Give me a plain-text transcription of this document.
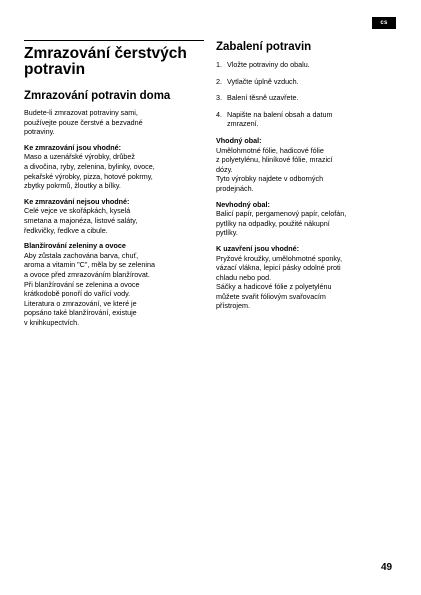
cs
Zmrazování čerstvých
potravin
Zmrazování potravin doma
Budete-li zmrazovat potraviny sami,
používejte pouze čerstvé a bezvadné
potraviny.
Ke zmrazování jsou vhodné:
Maso a uzenářské výrobky, drůbež
a divočina, ryby, zelenina, bylinky, ovoce,
pekařské výrobky, pizza, hotové pokrmy,
zbytky pokrmů, žloutky a bílky.
Ke zmrazování nejsou vhodné:
Celé vejce ve skořápkách, kyselá
smetana a majonéza, listové saláty,
ředkvičky, ředkve a cibule.
Blanžírování zeleniny a ovoce
Aby zůstala zachována barva, chuť,
aroma a vitamin "C", měla by se zelenina
a ovoce před zmrazováním blanžírovat.
Při blanžírování se zelenina a ovoce
krátkodobě ponoří do vařící vody.
Literatura o zmrazování, ve které je
popsáno také blanžírování, existuje
v knihkupectvích.
Zabalení potravin
1. Vložte potraviny do obalu.
2. Vytlačte úplně vzduch.
3. Balení těsně uzavřete.
4. Napište na balení obsah a datum
zmrazení.
Vhodný obal:
Umělohmotné fólie, hadicové fólie
z polyetylénu, hliníkové fólie, mrazicí
dózy.
Tyto výrobky najdete v odborných
prodejnách.
Nevhodný obal:
Balicí papír, pergamenový papír, celofán,
pytlíky na odpadky, použité nákupní
pytlíky.
K uzavření jsou vhodné:
Pryžové kroužky, umělohmotné sponky,
vázací vlákna, lepicí pásky odolné proti
chladu nebo pod.
Sáčky a hadicové fólie z polyetylénu
můžete svařit fóliovým svařovacím
přístrojem.
49
